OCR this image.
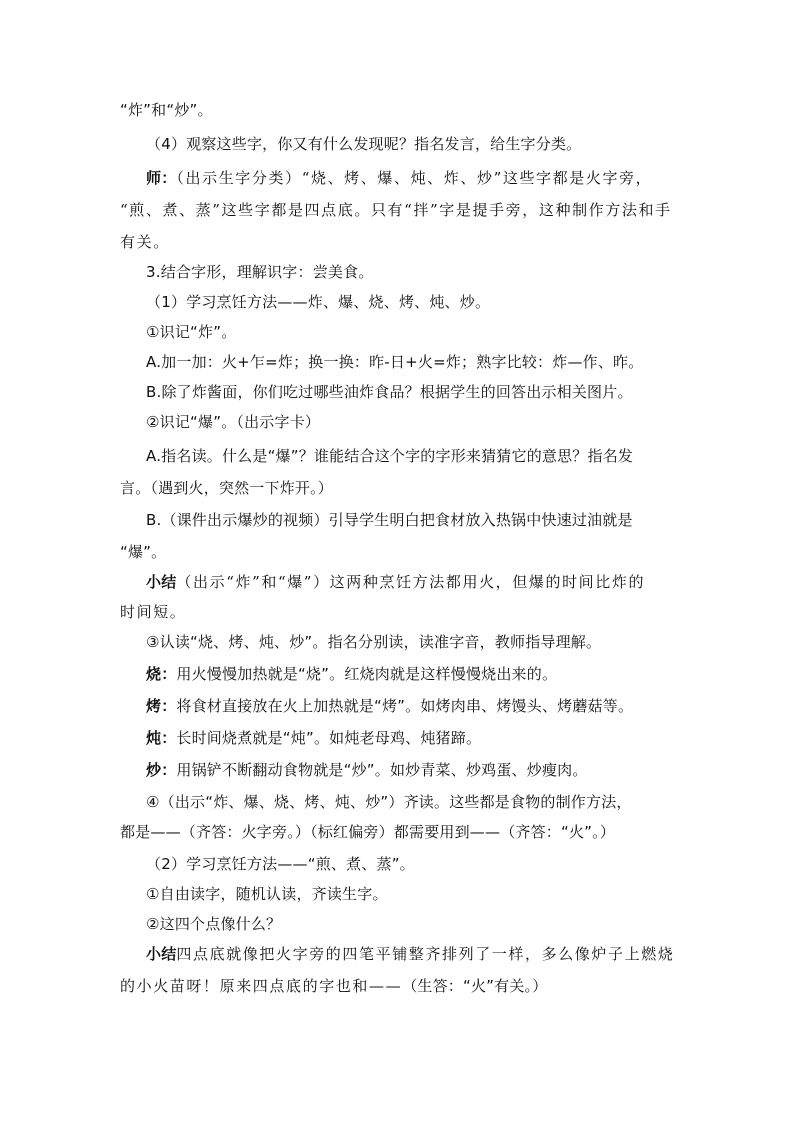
“炸”和“炒”。
（4）观察这些字，你又有什么发现呢？指名发言，给生字分类。
师：（出示生字分类）“烧、烤、爆、炖、炸、炒”这些字都是火字旁，
“煎、煮、蒸”这些字都是四点底。只有“拌”字是提手旁，这种制作方法和手
有关。
3.结合字形，理解识字：尝美食。
（1）学习烹饪方法——炸、爆、烧、烤、炖、炒。
①识记“炸”。
A.加一加：火+乍=炸；换一换：昨-日+火=炸；熟字比较：炸—作、昨。
B.除了炸酱面，你们吃过哪些油炸食品？根据学生的回答出示相关图片。
②识记“爆”。（出示字卡）
A.指名读。什么是“爆”？谁能结合这个字的字形来猜猜它的意思？指名发
言。（遇到火，突然一下炸开。）
B.（课件出示爆炒的视频）引导学生明白把食材放入热锅中快速过油就是
“爆”。
小结（出示“炸”和“爆”）这两种烹饪方法都用火，但爆的时间比炸的
时间短。
③认读“烧、烤、炖、炒”。指名分别读，读准字音，教师指导理解。
烧：用火慢慢加热就是“烧”。红烧肉就是这样慢慢烧出来的。
烤：将食材直接放在火上加热就是“烤”。如烤肉串、烤馒头、烤蘑菇等。
炖：长时间烧煮就是“炖”。如炖老母鸡、炖猪蹄。
炒：用锅铲不断翻动食物就是“炒”。如炒青菜、炒鸡蛋、炒瘦肉。
④（出示“炸、爆、烧、烤、炖、炒”）齐读。这些都是食物的制作方法，
都是——（齐答：火字旁。）（标红偏旁）都需要用到——（齐答：“火”。）
（2）学习烹饪方法——“煎、煮、蒸”。
①自由读字，随机认读，齐读生字。
②这四个点像什么？
小结四点底就像把火字旁的四笔平铺整齐排列了一样，多么像炉子上燃烧
的小火苗呀！原来四点底的字也和——（生答：“火”有关。）
